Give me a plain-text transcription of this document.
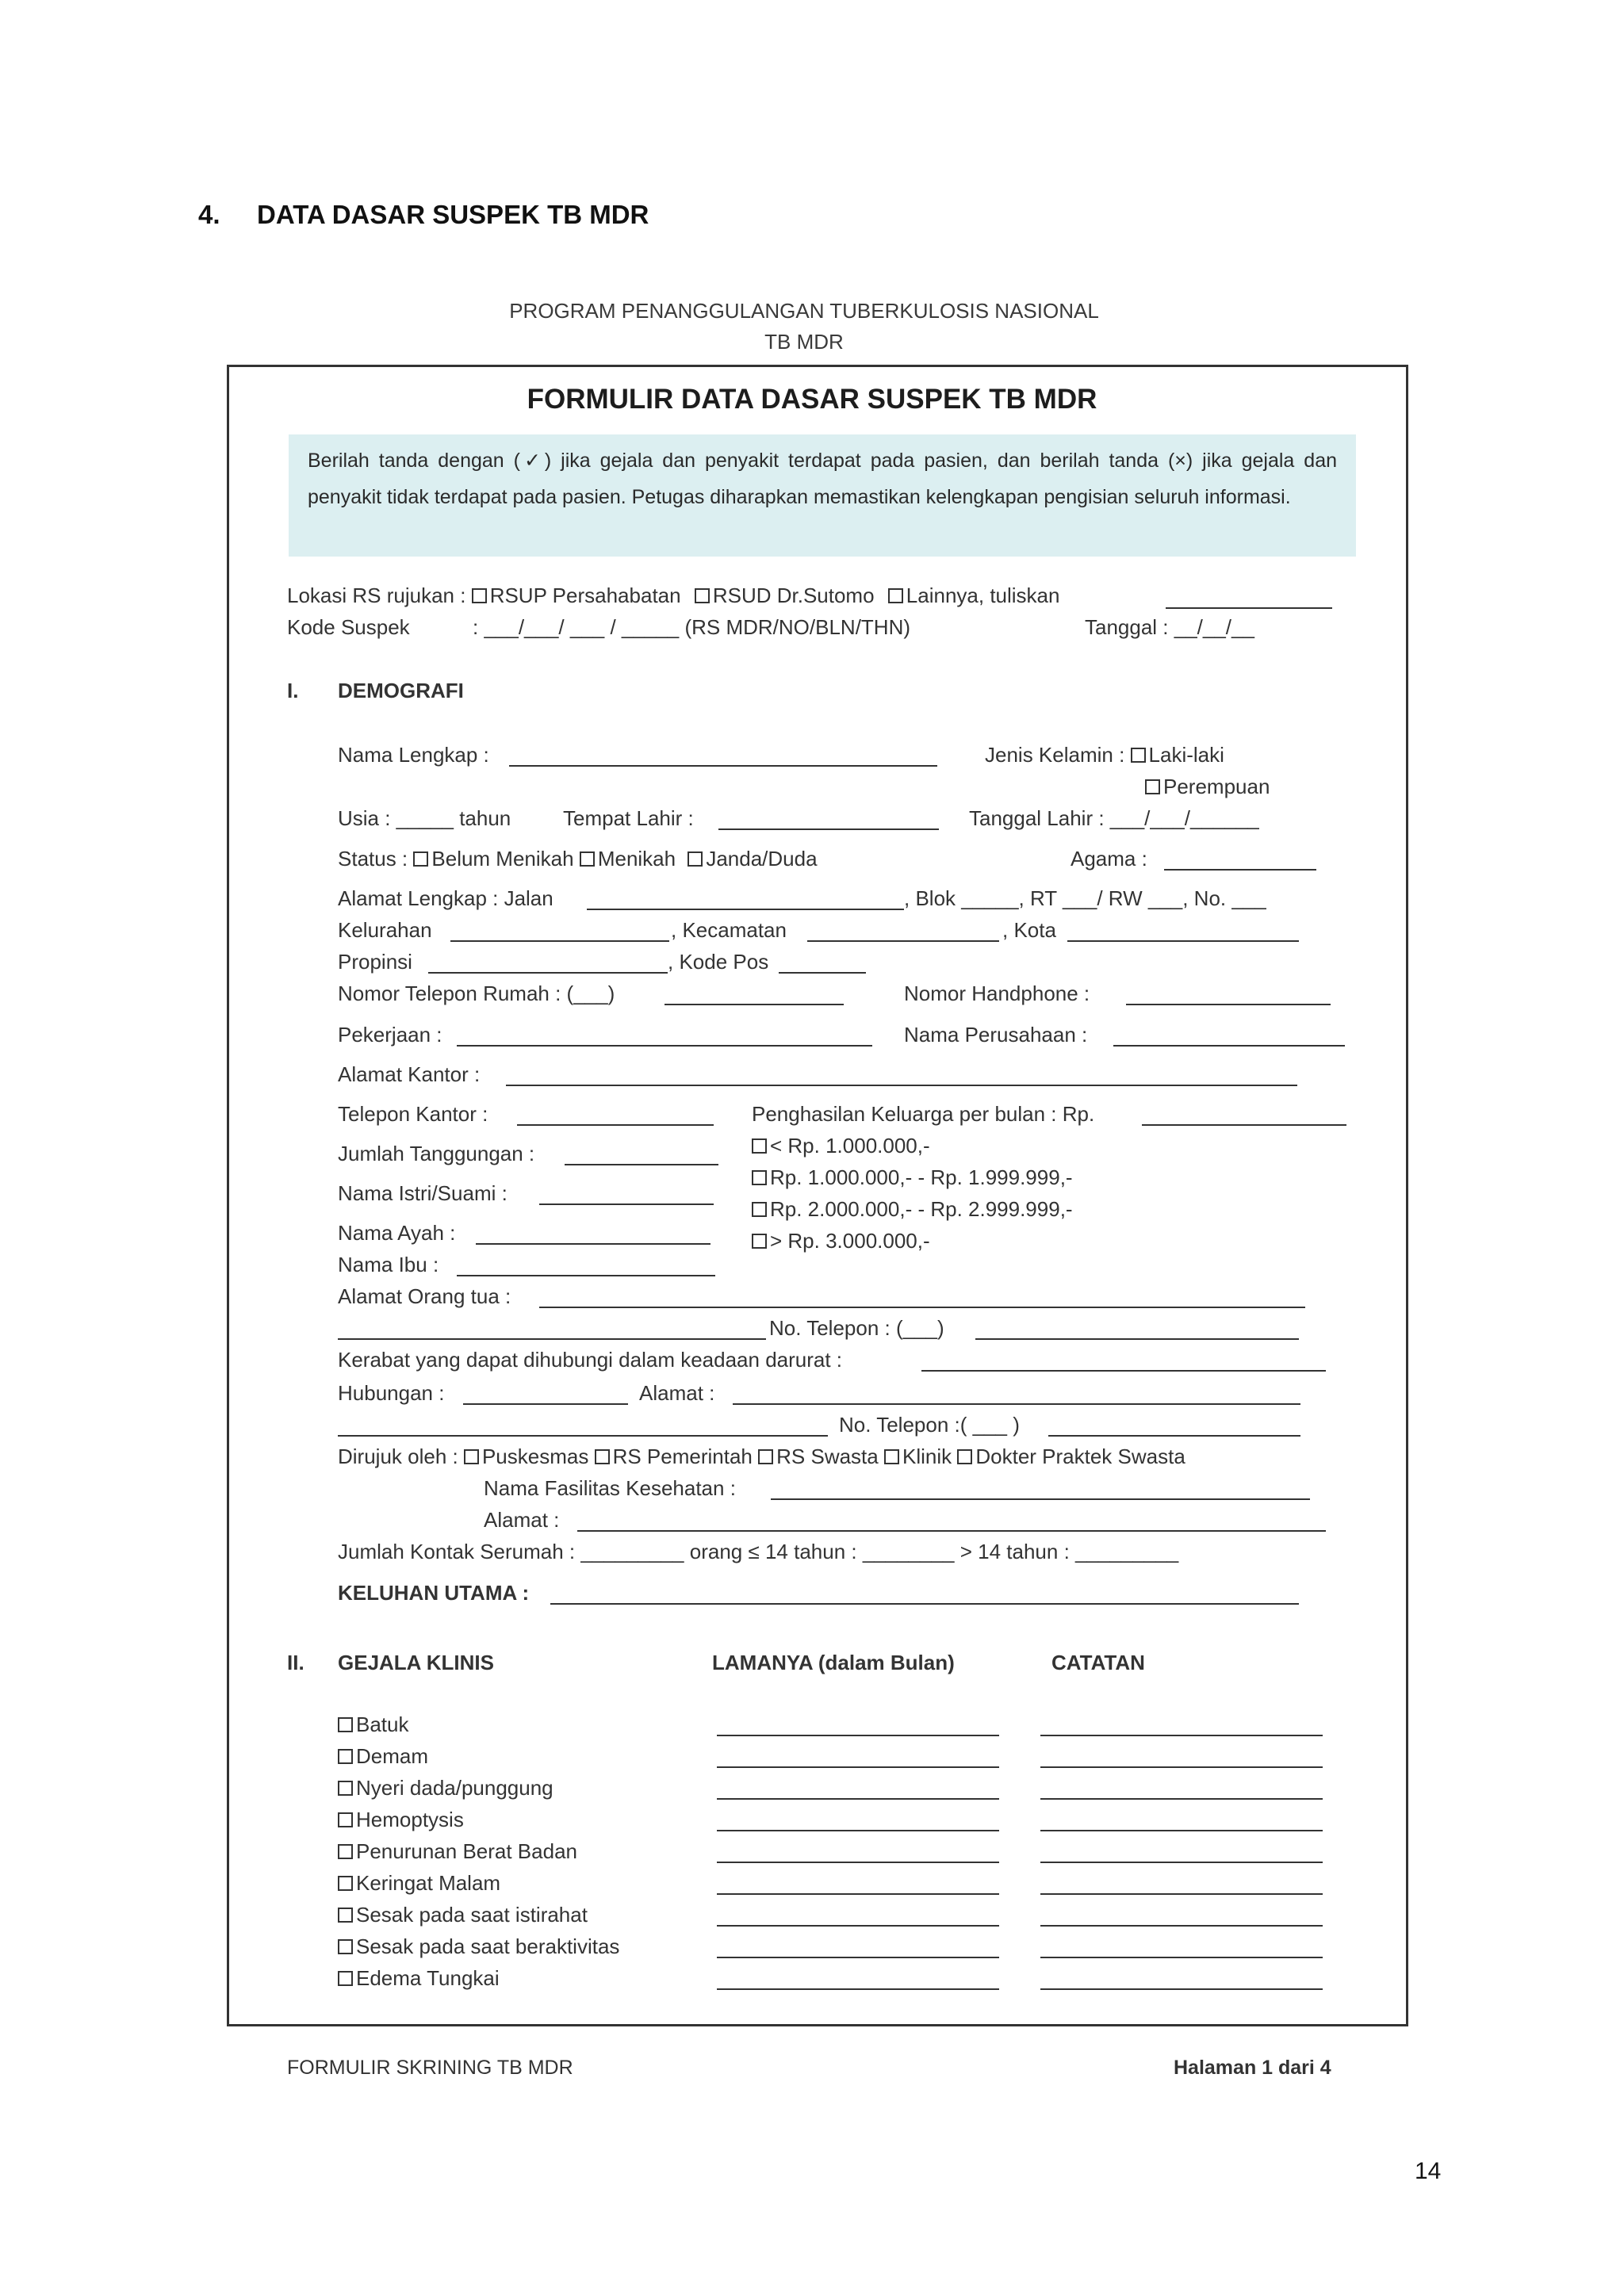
4. DATA DASAR SUSPEK TB MDR
PROGRAM PENANGGULANGAN TUBERKULOSIS NASIONAL
TB MDR
FORMULIR DATA DASAR SUSPEK TB MDR
Berilah tanda dengan (✓) jika gejala dan penyakit terdapat pada pasien, dan berilah tanda (×) jika gejala dan penyakit tidak terdapat pada pasien. Petugas diharapkan memastikan kelengkapan pengisian seluruh informasi.
Lokasi RS rujukan : RSUP Persahabatan RSUD Dr.Sutomo Lainnya, tuliskan
Kode Suspek	: ___/___/ ___ / _____ (RS MDR/NO/BLN/THN)	Tanggal : __/__/__
I. DEMOGRAFI
Nama Lengkap :	Jenis Kelamin : Laki-laki
Perempuan
Usia : _____ tahun	Tempat Lahir :	Tanggal Lahir : ___/___/______
Status : Belum Menikah Menikah Janda/Duda	Agama :
Alamat Lengkap : Jalan	, Blok _____, RT ___/ RW ___, No. ___
Kelurahan	, Kecamatan	, Kota
Propinsi	, Kode Pos
Nomor Telepon Rumah : (___)	Nomor Handphone :
Pekerjaan :	Nama Perusahaan :
Alamat Kantor :
Telepon Kantor :	Penghasilan Keluarga per bulan : Rp.
Jumlah Tanggungan :	< Rp. 1.000.000,-
Rp. 1.000.000,- - Rp. 1.999.999,-
Nama Istri/Suami :
Rp. 2.000.000,- - Rp. 2.999.999,-
Nama Ayah :	> Rp. 3.000.000,-
Nama Ibu :
Alamat Orang tua :
No. Telepon : (___)
Kerabat yang dapat dihubungi dalam keadaan darurat :
Hubungan :	Alamat :
No. Telepon :( ___ )
Dirujuk oleh : Puskesmas RS Pemerintah RS Swasta Klinik Dokter Praktek Swasta
Nama Fasilitas Kesehatan :
Alamat :
Jumlah Kontak Serumah : _________ orang ≤ 14 tahun : ________ > 14 tahun : _________
KELUHAN UTAMA :
II. GEJALA KLINIS	LAMANYA (dalam Bulan)	CATATAN
Batuk
Demam
Nyeri dada/punggung
Hemoptysis
Penurunan Berat Badan
Keringat Malam
Sesak pada saat istirahat
Sesak pada saat beraktivitas
Edema Tungkai
FORMULIR SKRINING TB MDR	Halaman 1 dari 4
14
